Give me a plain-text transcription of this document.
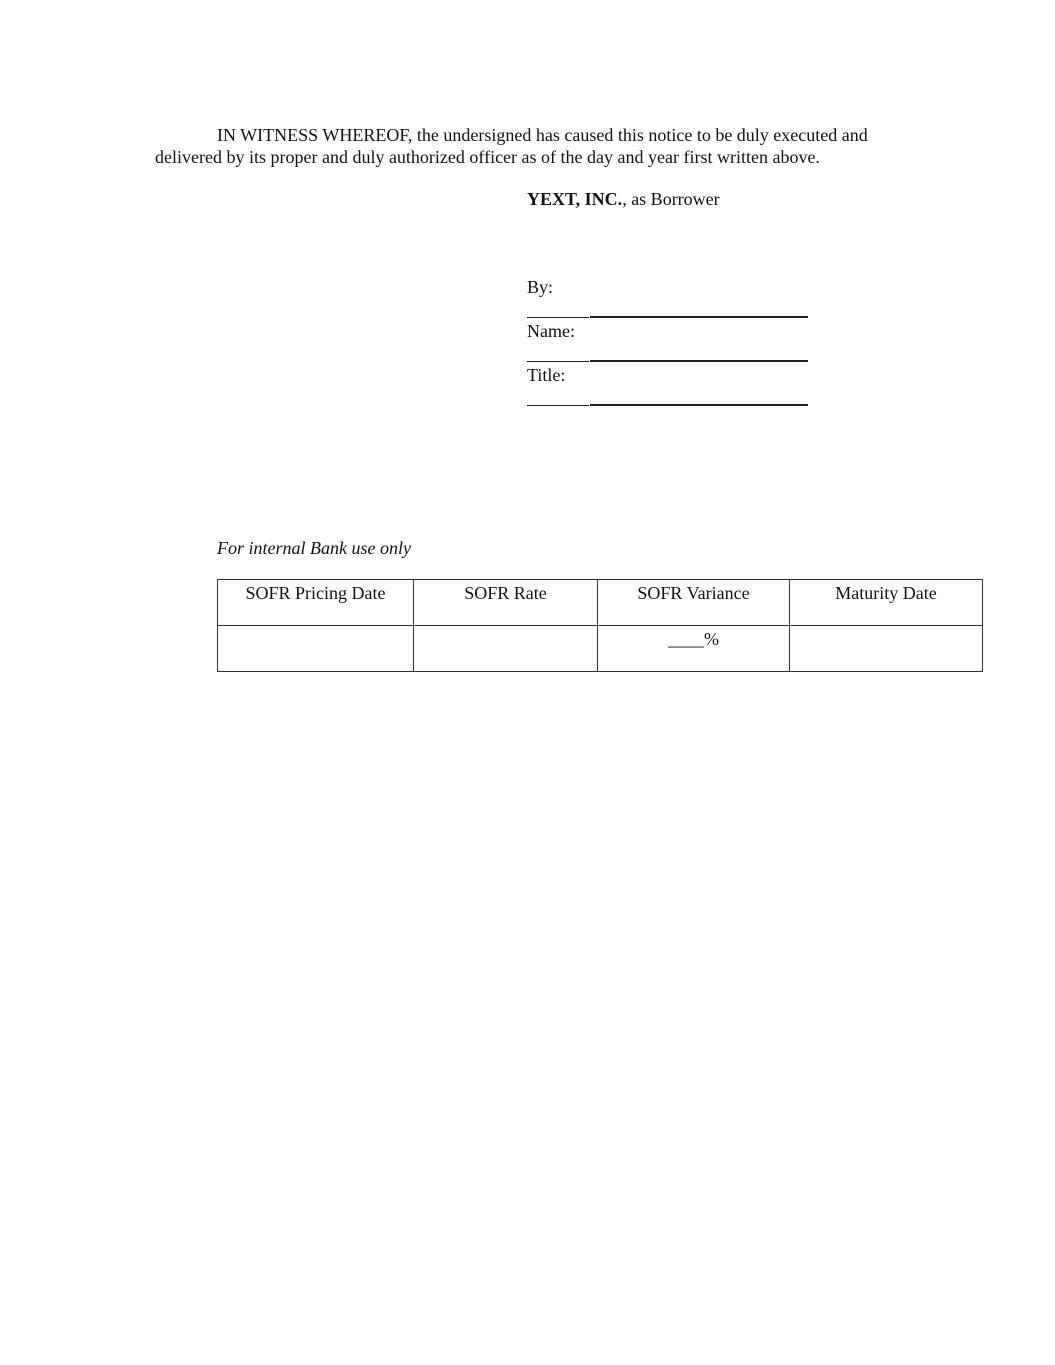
IN WITNESS WHEREOF, the undersigned has caused this notice to be duly executed and delivered by its proper and duly authorized officer as of the day and year first written above.

YEXT, INC., as Borrower
By:
Name:
Title:
For internal Bank use only
SOFR Pricing Date	SOFR Rate	SOFR Variance	Maturity Date
		____%	
